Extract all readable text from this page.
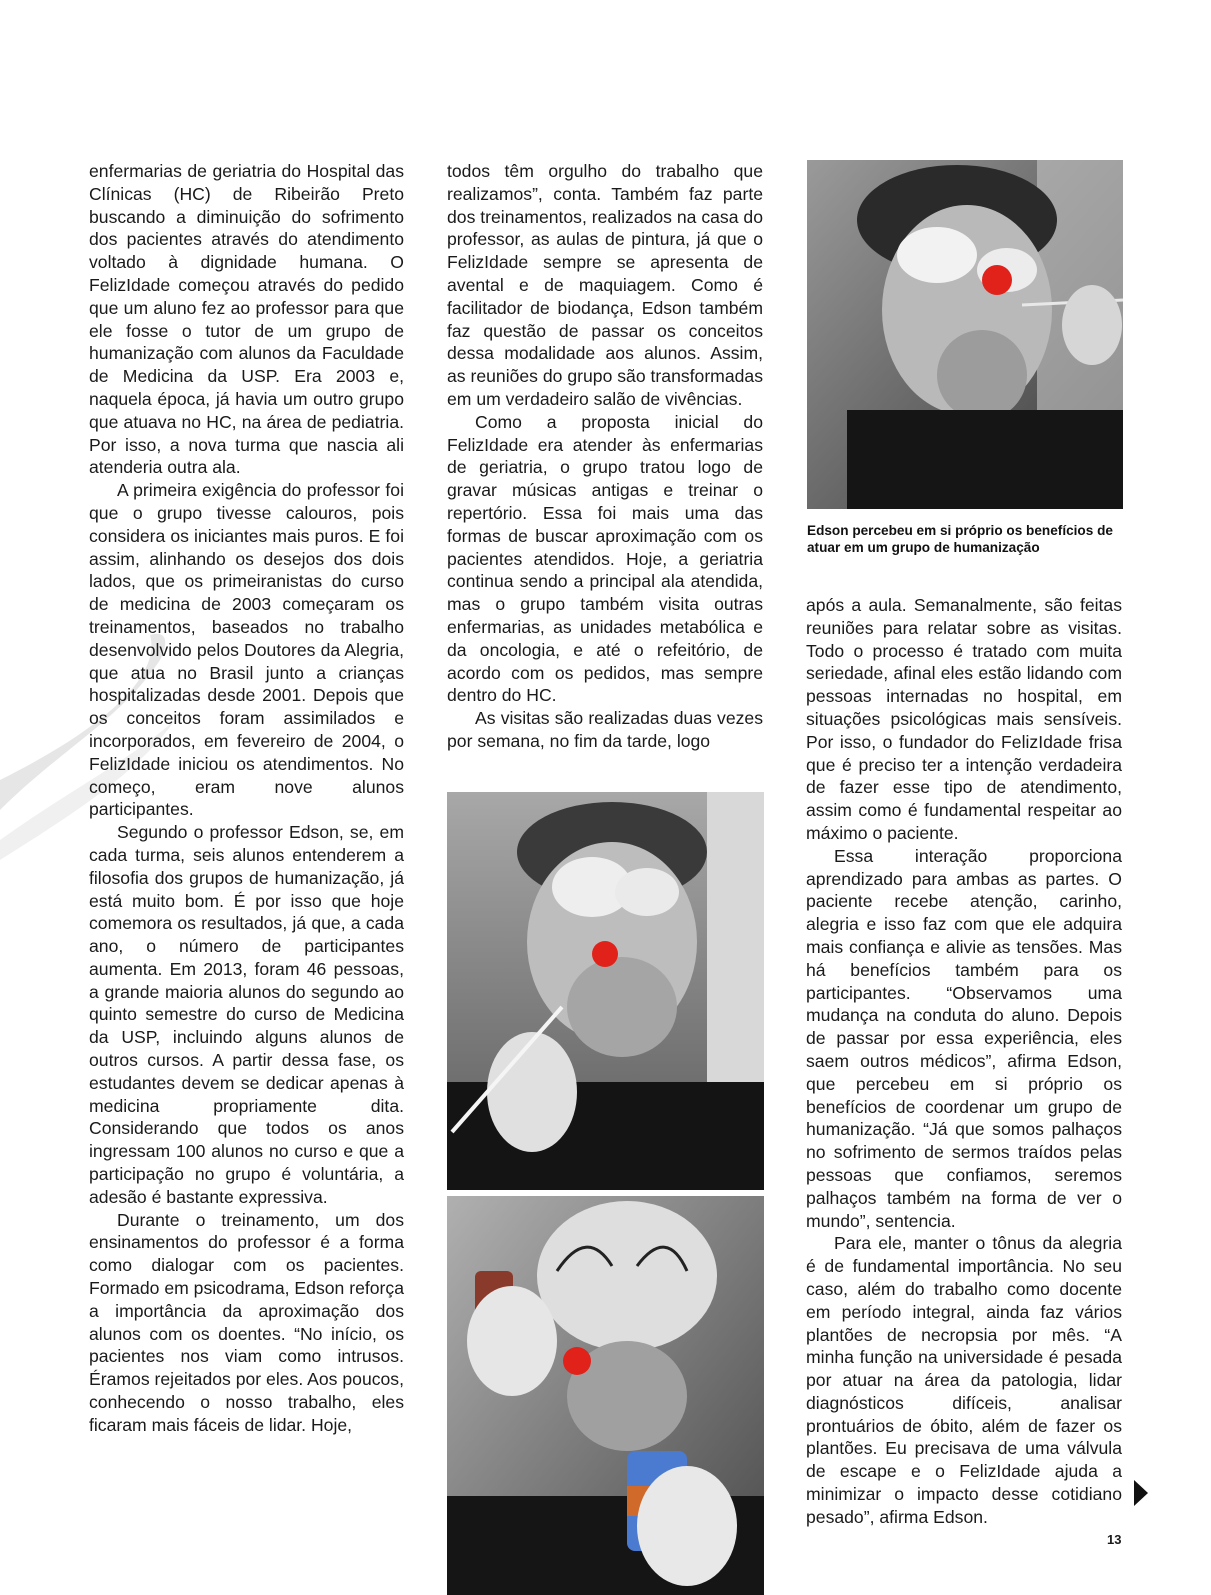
enfermarias de geriatria do Hospital das Clínicas (HC) de Ribeirão Preto buscando a diminuição do sofrimento dos pacientes através do atendimento voltado à dignidade humana. O FelizIdade começou através do pedido que um aluno fez ao professor para que ele fosse o tutor de um grupo de humanização com alunos da Faculdade de Medicina da USP. Era 2003 e, naquela época, já havia um outro grupo que atuava no HC, na área de pediatria. Por isso, a nova turma que nascia ali atenderia outra ala.

A primeira exigência do professor foi que o grupo tivesse calouros, pois considera os iniciantes mais puros. E foi assim, alinhando os desejos dos dois lados, que os primeiranistas do curso de medicina de 2003 começaram os treinamentos, baseados no trabalho desenvolvido pelos Doutores da Alegria, que atua no Brasil junto a crianças hospitalizadas desde 2001. Depois que os conceitos foram assimilados e incorporados, em fevereiro de 2004, o FelizIdade iniciou os atendimentos. No começo, eram nove alunos participantes.

Segundo o professor Edson, se, em cada turma, seis alunos entenderem a filosofia dos grupos de humanização, já está muito bom. É por isso que hoje comemora os resultados, já que, a cada ano, o número de participantes aumenta. Em 2013, foram 46 pessoas, a grande maioria alunos do segundo ao quinto semestre do curso de Medicina da USP, incluindo alguns alunos de outros cursos. A partir dessa fase, os estudantes devem se dedicar apenas à medicina propriamente dita. Considerando que todos os anos ingressam 100 alunos no curso e que a participação no grupo é voluntária, a adesão é bastante expressiva.

Durante o treinamento, um dos ensinamentos do professor é a forma como dialogar com os pacientes. Formado em psicodrama, Edson reforça a importância da aproximação dos alunos com os doentes. “No início, os pacientes nos viam como intrusos. Éramos rejeitados por eles. Aos poucos, conhecendo o nosso trabalho, eles ficaram mais fáceis de lidar. Hoje,

todos têm orgulho do trabalho que realizamos”, conta. Também faz parte dos treinamentos, realizados na casa do professor, as aulas de pintura, já que o FelizIdade sempre se apresenta de avental e de maquiagem. Como é facilitador de biodança, Edson também faz questão de passar os conceitos dessa modalidade aos alunos. Assim, as reuniões do grupo são transformadas em um verdadeiro salão de vivências.

Como a proposta inicial do FelizIdade era atender às enfermarias de geriatria, o grupo tratou logo de gravar músicas antigas e treinar o repertório. Essa foi mais uma das formas de buscar aproximação com os pacientes atendidos. Hoje, a geriatria continua sendo a principal ala atendida, mas o grupo também visita outras enfermarias, as unidades metabólica e da oncologia, e até o refeitório, de acordo com os pedidos, mas sempre dentro do HC.

As visitas são realizadas duas vezes por semana, no fim da tarde, logo

após a aula. Semanalmente, são feitas reuniões para relatar sobre as visitas. Todo o processo é tratado com muita seriedade, afinal eles estão lidando com pessoas internadas no hospital, em situações psicológicas mais sensíveis. Por isso, o fundador do FelizIdade frisa que é preciso ter a intenção verdadeira de fazer esse tipo de atendimento, assim como é fundamental respeitar ao máximo o paciente.

Essa interação proporciona aprendizado para ambas as partes. O paciente recebe atenção, carinho, alegria e isso faz com que ele adquira mais confiança e alivie as tensões. Mas há benefícios também para os participantes. “Observamos uma mudança na conduta do aluno. Depois de passar por essa experiência, eles saem outros médicos”, afirma Edson, que percebeu em si próprio os benefícios de coordenar um grupo de humanização. “Já que somos palhaços no sofrimento de sermos traídos pelas pessoas que confiamos, seremos palhaços também na forma de ver o mundo”, sentencia.

Para ele, manter o tônus da alegria é de fundamental importância. No seu caso, além do trabalho como docente em período integral, ainda faz vários plantões de necropsia por mês. “A minha função na universidade é pesada por atuar na área da patologia, lidar diagnósticos difíceis, analisar prontuários de óbito, além de fazer os plantões. Eu precisava de uma válvula de escape e o FelizIdade ajuda a minimizar o impacto desse cotidiano pesado”, afirma Edson.

Edson percebeu em si próprio os benefícios de atuar em um grupo de humanização
13
